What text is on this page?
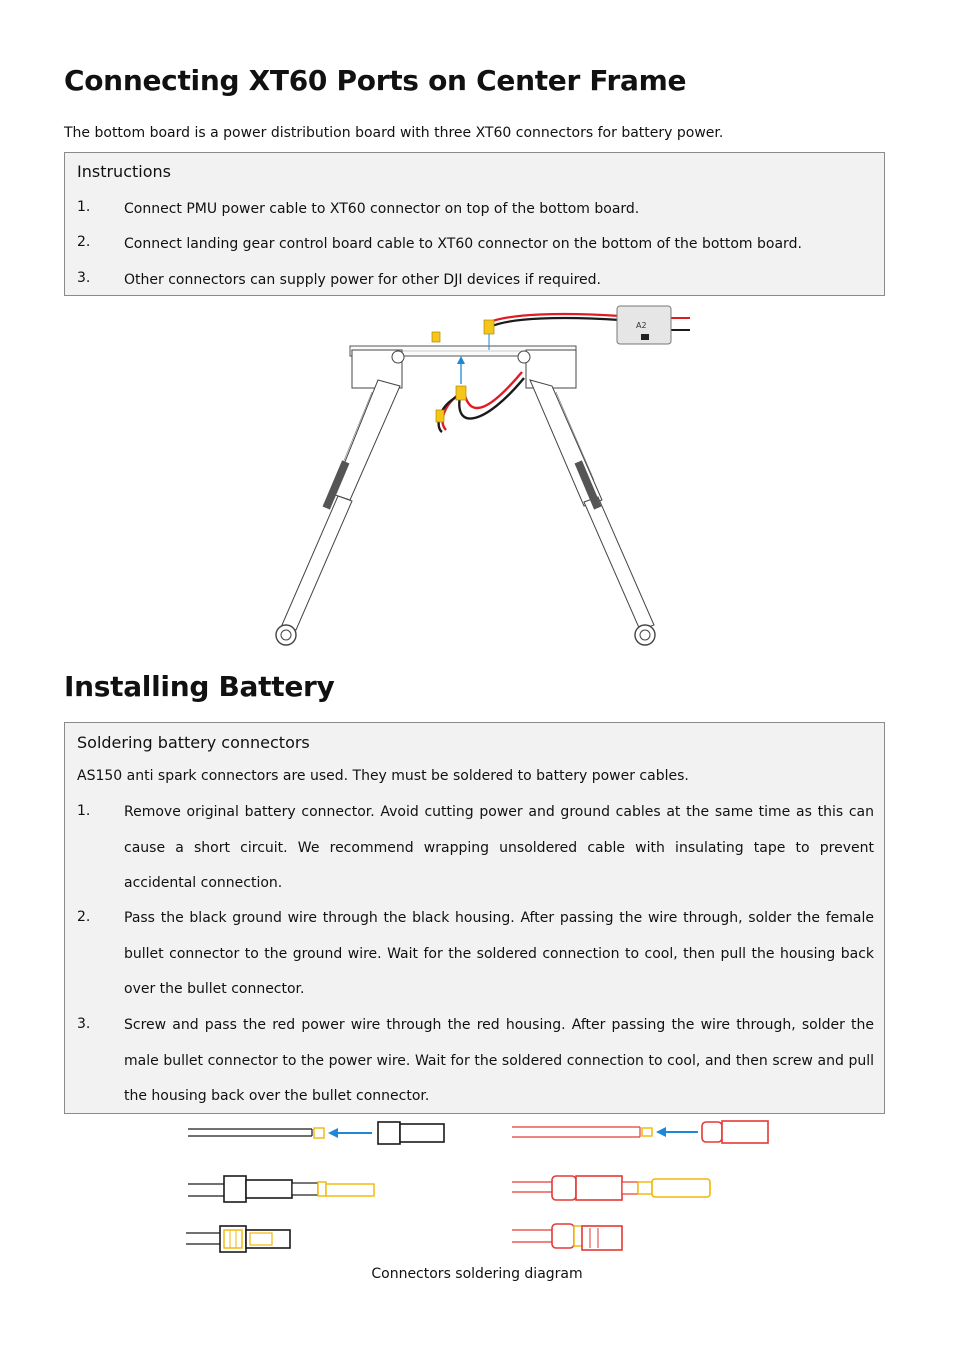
Connecting XT60 Ports on Center Frame

The bottom board is a power distribution board with three XT60 connectors for battery power.

Instructions

1. Connect PMU power cable to XT60 connector on top of the bottom board.
2. Connect landing gear control board cable to XT60 connector on the bottom of the bottom board.
3. Other connectors can supply power for other DJI devices if required.
A2
Installing Battery

Soldering battery connectors

AS150 anti spark connectors are used. They must be soldered to battery power cables.

1. Remove original battery connector. Avoid cutting power and ground cables at the same time as this can cause a short circuit. We recommend wrapping unsoldered cable with insulating tape to prevent accidental connection.
2. Pass the black ground wire through the black housing. After passing the wire through, solder the female bullet connector to the ground wire. Wait for the soldered connection to cool, then pull the housing back over the bullet connector.
3. Screw and pass the red power wire through the red housing. After passing the wire through, solder the male bullet connector to the power wire. Wait for the soldered connection to cool, and then screw and pull the housing back over the bullet connector.

Connectors soldering diagram
